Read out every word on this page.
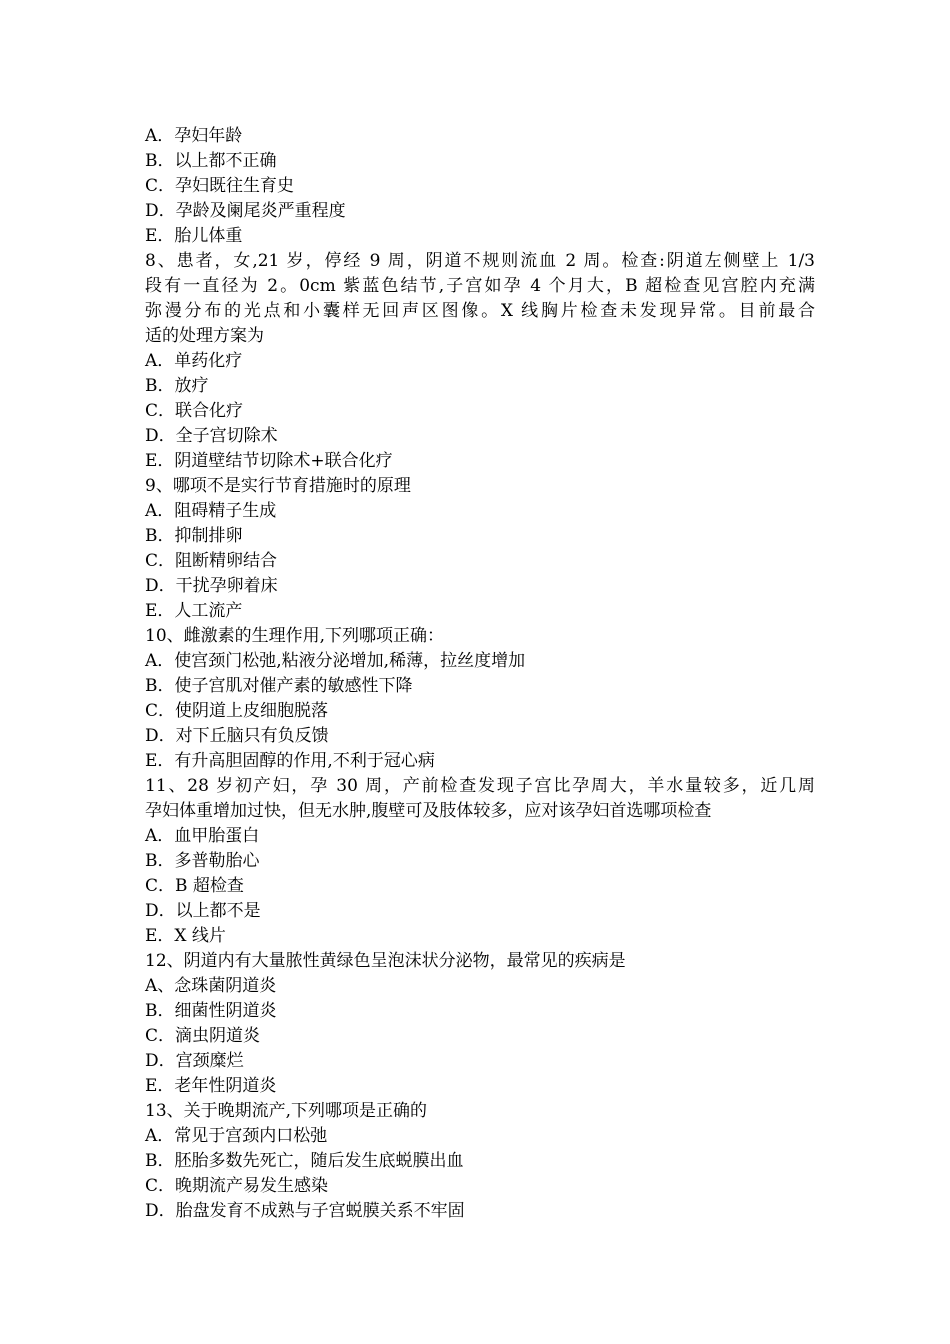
A．孕妇年龄
B．以上都不正确
C．孕妇既往生育史
D．孕龄及阑尾炎严重程度
E．胎儿体重
8、患者，女,21 岁，停经 9 周，阴道不规则流血 2 周。检查:阴道左侧壁上 1/3
段有一直径为 2。0cm 紫蓝色结节,子宫如孕 4 个月大，B 超检查见宫腔内充满
弥漫分布的光点和小囊样无回声区图像。X 线胸片检查未发现异常。目前最合
适的处理方案为
A．单药化疗
B．放疗
C．联合化疗
D．全子宫切除术
E．阴道壁结节切除术+联合化疗
9、哪项不是实行节育措施时的原理
A．阻碍精子生成
B．抑制排卵
C．阻断精卵结合
D．干扰孕卵着床
E．人工流产
10、雌激素的生理作用,下列哪项正确：
A．使宫颈门松弛,粘液分泌增加,稀薄，拉丝度增加
B．使子宫肌对催产素的敏感性下降
C．使阴道上皮细胞脱落
D．对下丘脑只有负反馈
E．有升高胆固醇的作用,不利于冠心病
11、28 岁初产妇，孕 30 周，产前检查发现子宫比孕周大，羊水量较多，近几周
孕妇体重增加过快，但无水肿,腹壁可及肢体较多，应对该孕妇首选哪项检查
A．血甲胎蛋白
B．多普勒胎心
C．B 超检查
D．以上都不是
E．X 线片
12、阴道内有大量脓性黄绿色呈泡沫状分泌物，最常见的疾病是
A、念珠菌阴道炎
B．细菌性阴道炎
C．滴虫阴道炎
D．宫颈糜烂
E．老年性阴道炎
13、关于晚期流产,下列哪项是正确的
A．常见于宫颈内口松弛
B．胚胎多数先死亡，随后发生底蜕膜出血
C．晚期流产易发生感染
D．胎盘发育不成熟与子宫蜕膜关系不牢固
